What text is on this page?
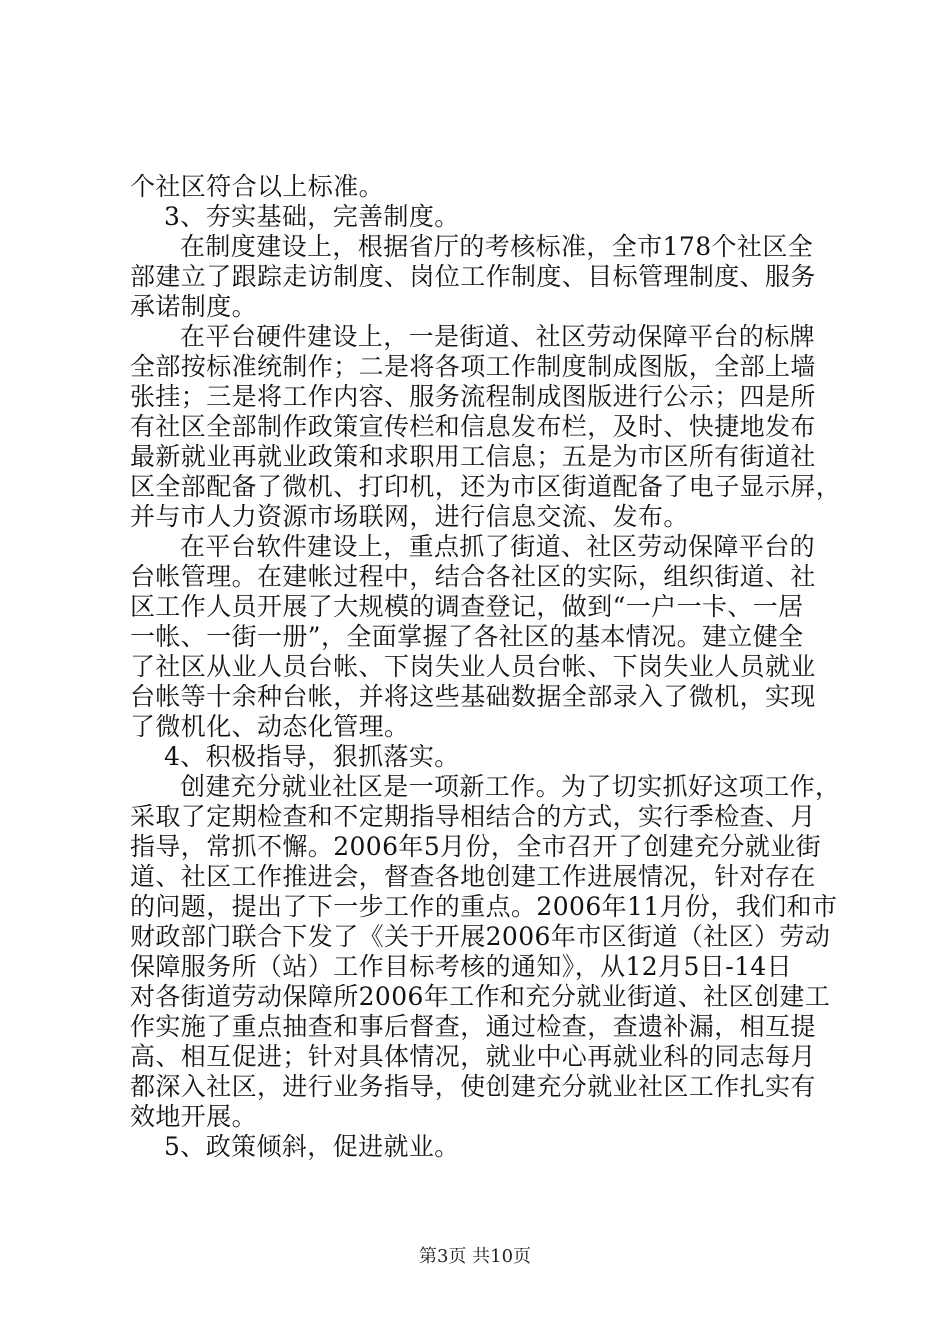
个社区符合以上标准。
3、夯实基础，完善制度。
在制度建设上，根据省厅的考核标准，全市178个社区全
部建立了跟踪走访制度、岗位工作制度、目标管理制度、服务
承诺制度。
在平台硬件建设上，一是街道、社区劳动保障平台的标牌
全部按标准统制作；二是将各项工作制度制成图版，全部上墙
张挂；三是将工作内容、服务流程制成图版进行公示；四是所
有社区全部制作政策宣传栏和信息发布栏，及时、快捷地发布
最新就业再就业政策和求职用工信息；五是为市区所有街道社
区全部配备了微机、打印机，还为市区街道配备了电子显示屏，
并与市人力资源市场联网，进行信息交流、发布。
在平台软件建设上，重点抓了街道、社区劳动保障平台的
台帐管理。在建帐过程中，结合各社区的实际，组织街道、社
区工作人员开展了大规模的调查登记，做到“一户一卡、一居
一帐、一街一册”，全面掌握了各社区的基本情况。建立健全
了社区从业人员台帐、下岗失业人员台帐、下岗失业人员就业
台帐等十余种台帐，并将这些基础数据全部录入了微机，实现
了微机化、动态化管理。
4、积极指导，狠抓落实。
创建充分就业社区是一项新工作。为了切实抓好这项工作，
采取了定期检查和不定期指导相结合的方式，实行季检查、月
指导，常抓不懈。2006年5月份，全市召开了创建充分就业街
道、社区工作推进会，督查各地创建工作进展情况，针对存在
的问题，提出了下一步工作的重点。2006年11月份，我们和市
财政部门联合下发了《关于开展2006年市区街道（社区）劳动
保障服务所（站）工作目标考核的通知》，从12月5日-14日
对各街道劳动保障所2006年工作和充分就业街道、社区创建工
作实施了重点抽查和事后督查，通过检查，查遗补漏，相互提
高、相互促进；针对具体情况，就业中心再就业科的同志每月
都深入社区，进行业务指导，使创建充分就业社区工作扎实有
效地开展。
5、政策倾斜，促进就业。
第3页 共10页
